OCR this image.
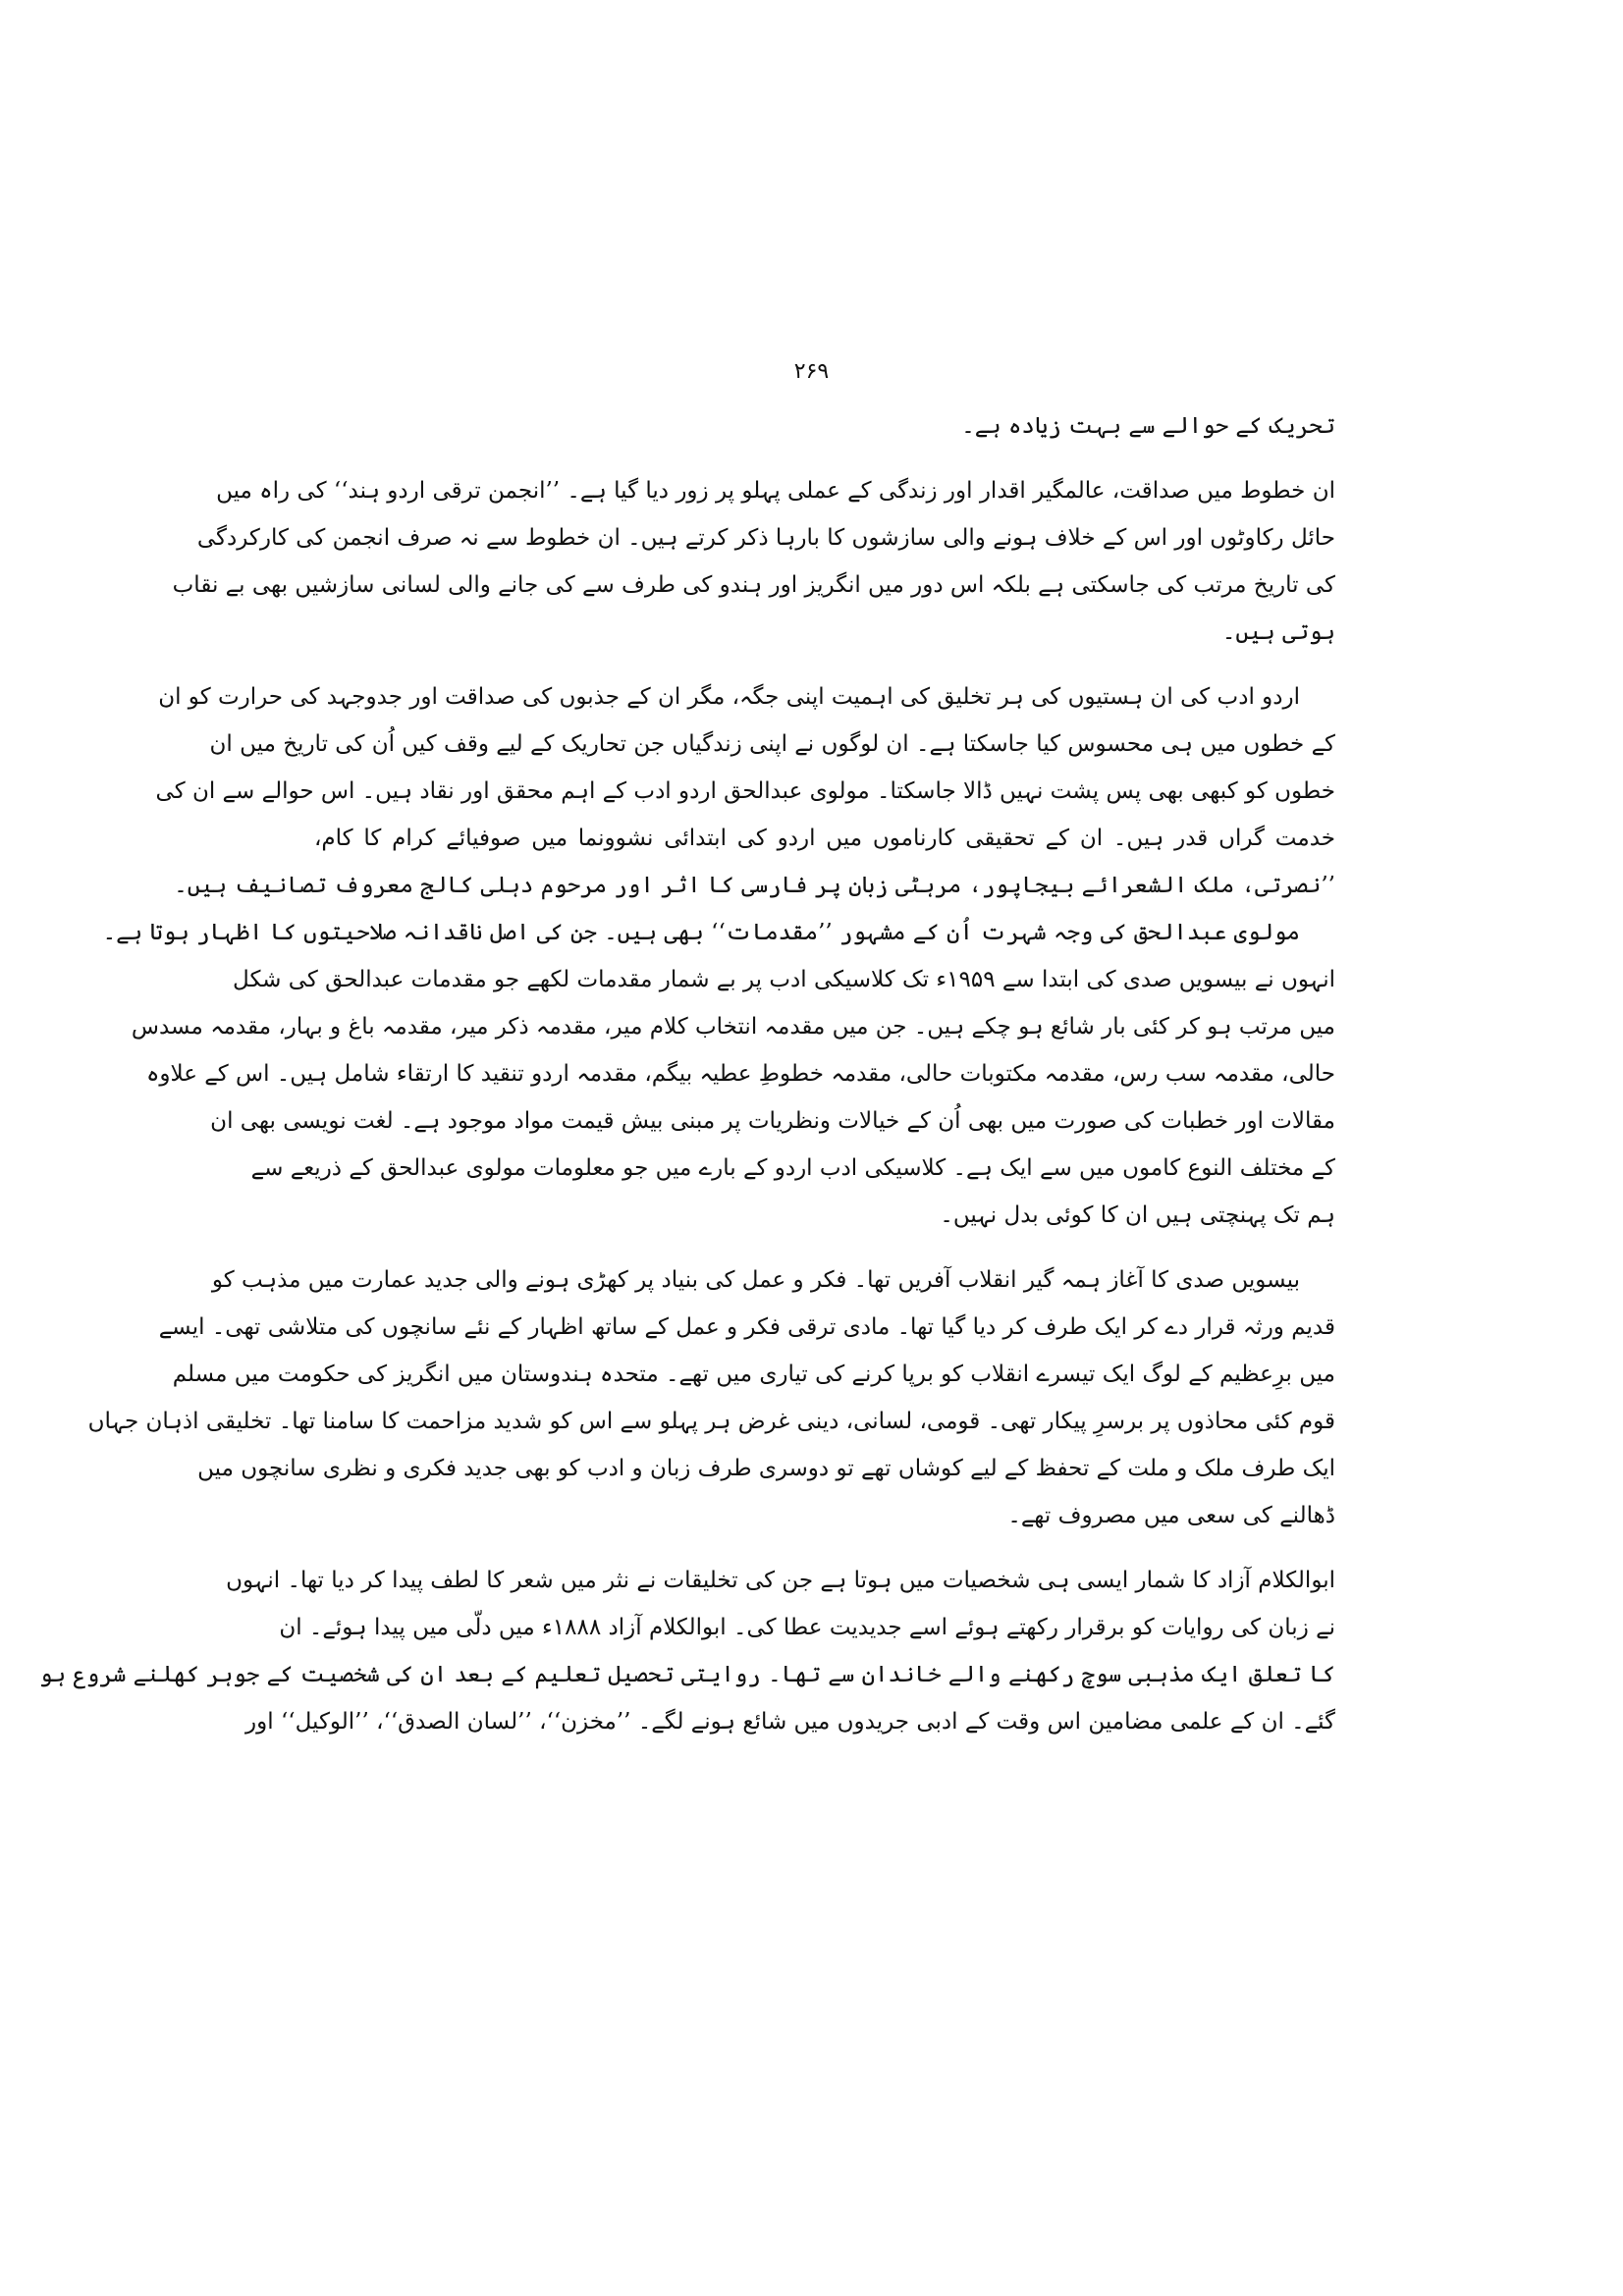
۲۶۹
تحریک کے حوالے سے بہت زیادہ ہے۔
ان خطوط میں صداقت، عالمگیر اقدار اور زندگی کے عملی پہلو پر زور دیا گیا ہے۔ ’’انجمن ترقی اردو ہند‘‘ کی راہ میں
حائل رکاوٹوں اور اس کے خلاف ہونے والی سازشوں کا بارہا ذکر کرتے ہیں۔ ان خطوط سے نہ صرف انجمن کی کارکردگی
کی تاریخ مرتب کی جاسکتی ہے بلکہ اس دور میں انگریز اور ہندو کی طرف سے کی جانے والی لسانی سازشیں بھی بے نقاب
ہوتی ہیں۔
اردو ادب کی ان ہستیوں کی ہر تخلیق کی اہمیت اپنی جگہ، مگر ان کے جذبوں کی صداقت اور جدوجہد کی حرارت کو ان
کے خطوں میں ہی محسوس کیا جاسکتا ہے۔ ان لوگوں نے اپنی زندگیاں جن تحاریک کے لیے وقف کیں اُن کی تاریخ میں ان
خطوں کو کبھی بھی پس پشت نہیں ڈالا جاسکتا۔ مولوی عبدالحق اردو ادب کے اہم محقق اور نقاد ہیں۔ اس حوالے سے ان کی
خدمت گراں قدر ہیں۔ ان کے تحقیقی کارناموں میں اردو کی ابتدائی نشوونما میں صوفیائے کرام کا کام،
’’نصرتی، ملک الشعرائے بیجاپور، مرہٹی زبان پر فارسی کا اثر اور مرحوم دہلی کالج معروف تصانیف ہیں۔
مولوی عبدالحق کی وجہ شہرت اُن کے مشہور ’’مقدمات‘‘ بھی ہیں۔ جن کی اصل ناقدانہ صلاحیتوں کا اظہار ہوتا ہے۔
انہوں نے بیسویں صدی کی ابتدا سے ۱۹۵۹ء تک کلاسیکی ادب پر بے شمار مقدمات لکھے جو مقدمات عبدالحق کی شکل
میں مرتب ہو کر کئی بار شائع ہو چکے ہیں۔ جن میں مقدمہ انتخاب کلام میر، مقدمہ ذکر میر، مقدمہ باغ و بہار، مقدمہ مسدس
حالی، مقدمہ سب رس، مقدمہ مکتوبات حالی، مقدمہ خطوطِ عطیہ بیگم، مقدمہ اردو تنقید کا ارتقاء شامل ہیں۔ اس کے علاوہ
مقالات اور خطبات کی صورت میں بھی اُن کے خیالات ونظریات پر مبنی بیش قیمت مواد موجود ہے۔ لغت نویسی بھی ان
کے مختلف النوع کاموں میں سے ایک ہے۔ کلاسیکی ادب اردو کے بارے میں جو معلومات مولوی عبدالحق کے ذریعے سے
ہم تک پہنچتی ہیں ان کا کوئی بدل نہیں۔
بیسویں صدی کا آغاز ہمہ گیر انقلاب آفریں تھا۔ فکر و عمل کی بنیاد پر کھڑی ہونے والی جدید عمارت میں مذہب کو
قدیم ورثہ قرار دے کر ایک طرف کر دیا گیا تھا۔ مادی ترقی فکر و عمل کے ساتھ اظہار کے نئے سانچوں کی متلاشی تھی۔ ایسے
میں برِعظیم کے لوگ ایک تیسرے انقلاب کو برپا کرنے کی تیاری میں تھے۔ متحدہ ہندوستان میں انگریز کی حکومت میں مسلم
قوم کئی محاذوں پر برسرِ پیکار تھی۔ قومی، لسانی، دینی غرض ہر پہلو سے اس کو شدید مزاحمت کا سامنا تھا۔ تخلیقی اذہان جہاں
ایک طرف ملک و ملت کے تحفظ کے لیے کوشاں تھے تو دوسری طرف زبان و ادب کو بھی جدید فکری و نظری سانچوں میں
ڈھالنے کی سعی میں مصروف تھے۔
ابوالکلام آزاد کا شمار ایسی ہی شخصیات میں ہوتا ہے جن کی تخلیقات نے نثر میں شعر کا لطف پیدا کر دیا تھا۔ انہوں
نے زبان کی روایات کو برقرار رکھتے ہوئے اسے جدیدیت عطا کی۔ ابوالکلام آزاد ۱۸۸۸ء میں دلّی میں پیدا ہوئے۔ ان
کا تعلق ایک مذہبی سوچ رکھنے والے خاندان سے تھا۔ روایتی تحصیل تعلیم کے بعد ان کی شخصیت کے جوہر کھلنے شروع ہو
گئے۔ ان کے علمی مضامین اس وقت کے ادبی جریدوں میں شائع ہونے لگے۔ ’’مخزن‘‘، ’’لسان الصدق‘‘، ’’الوکیل‘‘ اور
